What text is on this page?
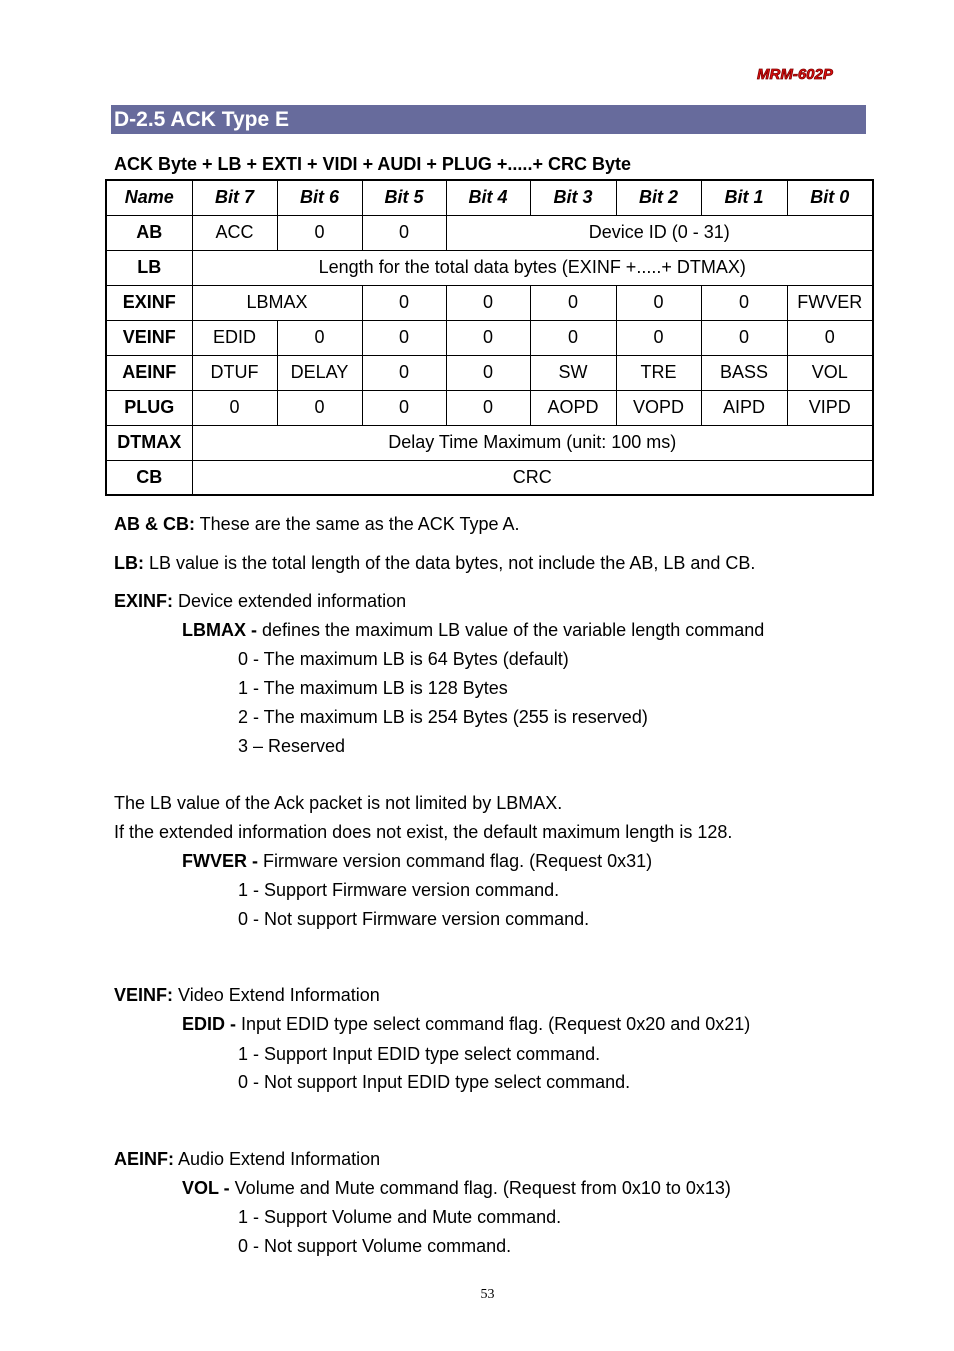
MRM-602P
D-2.5 ACK Type E
ACK Byte + LB + EXTI + VIDI + AUDI + PLUG +.....+ CRC Byte
Name	Bit 7	Bit 6	Bit 5	Bit 4	Bit 3	Bit 2	Bit 1	Bit 0
AB	ACC	0	0	Device ID (0 - 31)				
LB	Length for the total data bytes (EXINF +.....+ DTMAX)							
EXINF	LBMAX		0	0	0	0	0	FWVER
VEINF	EDID	0	0	0	0	0	0	0
AEINF	DTUF	DELAY	0	0	SW	TRE	BASS	VOL
PLUG	0	0	0	0	AOPD	VOPD	AIPD	VIPD
DTMAX	Delay Time Maximum (unit: 100 ms)							
CB	CRC							
AB & CB: These are the same as the ACK Type A.
LB: LB value is the total length of the data bytes, not include the AB, LB and CB.
EXINF: Device extended information
LBMAX - defines the maximum LB value of the variable length command
0 - The maximum LB is 64 Bytes (default)
1 - The maximum LB is 128 Bytes
2 - The maximum LB is 254 Bytes (255 is reserved)
3 – Reserved
The LB value of the Ack packet is not limited by LBMAX.
If the extended information does not exist, the default maximum length is 128.
FWVER - Firmware version command flag. (Request 0x31)
1 - Support Firmware version command.
0 - Not support Firmware version command.
VEINF: Video Extend Information
EDID - Input EDID type select command flag. (Request 0x20 and 0x21)
1 - Support Input EDID type select command.
0 - Not support Input EDID type select command.
AEINF: Audio Extend Information
VOL - Volume and Mute command flag. (Request from 0x10 to 0x13)
1 - Support Volume and Mute command.
0 - Not support Volume command.
53
